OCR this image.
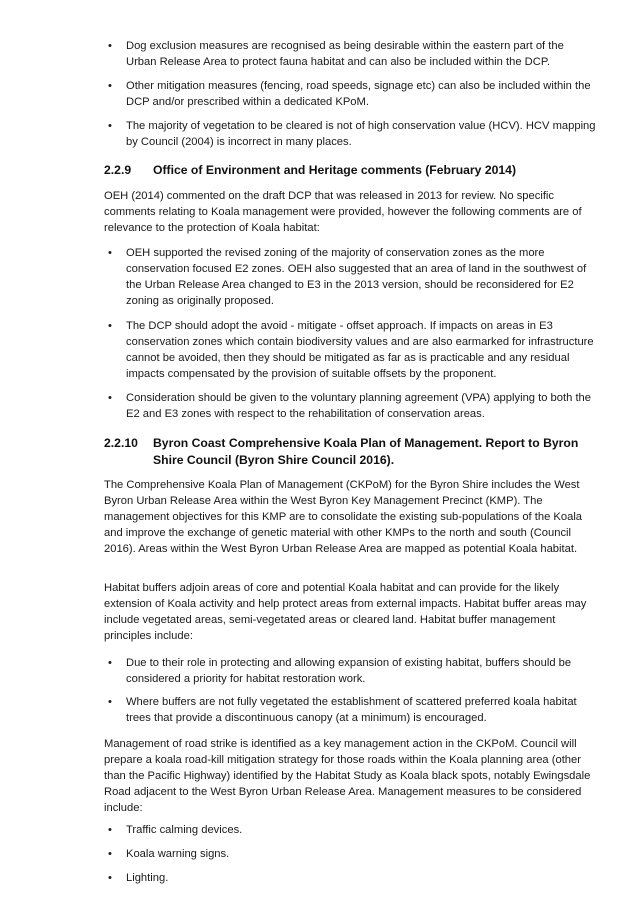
•	Dog exclusion measures are recognised as being desirable within the eastern part of the Urban Release Area to protect fauna habitat and can also be included within the DCP.
•	Other mitigation measures (fencing, road speeds, signage etc) can also be included within the DCP and/or prescribed within a dedicated KPoM.
•	The majority of vegetation to be cleared is not of high conservation value (HCV). HCV mapping by Council (2004) is incorrect in many places.
2.2.9 Office of Environment and Heritage comments (February 2014)

OEH (2014) commented on the draft DCP that was released in 2013 for review. No specific comments relating to Koala management were provided, however the following comments are of relevance to the protection of Koala habitat:

•	OEH supported the revised zoning of the majority of conservation zones as the more conservation focused E2 zones. OEH also suggested that an area of land in the southwest of the Urban Release Area changed to E3 in the 2013 version, should be reconsidered for E2 zoning as originally proposed.
•	The DCP should adopt the avoid - mitigate - offset approach. If impacts on areas in E3 conservation zones which contain biodiversity values and are also earmarked for infrastructure cannot be avoided, then they should be mitigated as far as is practicable and any residual impacts compensated by the provision of suitable offsets by the proponent.
•	Consideration should be given to the voluntary planning agreement (VPA) applying to both the E2 and E3 zones with respect to the rehabilitation of conservation areas.
2.2.10 Byron Coast Comprehensive Koala Plan of Management. Report to Byron Shire Council (Byron Shire Council 2016).

The Comprehensive Koala Plan of Management (CKPoM) for the Byron Shire includes the West Byron Urban Release Area within the West Byron Key Management Precinct (KMP). The management objectives for this KMP are to consolidate the existing sub-populations of the Koala and improve the exchange of genetic material with other KMPs to the north and south (Council 2016). Areas within the West Byron Urban Release Area are mapped as potential Koala habitat.

Habitat buffers adjoin areas of core and potential Koala habitat and can provide for the likely extension of Koala activity and help protect areas from external impacts. Habitat buffer areas may include vegetated areas, semi-vegetated areas or cleared land. Habitat buffer management principles include:

•	Due to their role in protecting and allowing expansion of existing habitat, buffers should be considered a priority for habitat restoration work.
•	Where buffers are not fully vegetated the establishment of scattered preferred koala habitat trees that provide a discontinuous canopy (at a minimum) is encouraged.

Management of road strike is identified as a key management action in the CKPoM. Council will prepare a koala road-kill mitigation strategy for those roads within the Koala planning area (other than the Pacific Highway) identified by the Habitat Study as Koala black spots, notably Ewingsdale Road adjacent to the West Byron Urban Release Area. Management measures to be considered include:

•	Traffic calming devices.
•	Koala warning signs.
•	Lighting.
